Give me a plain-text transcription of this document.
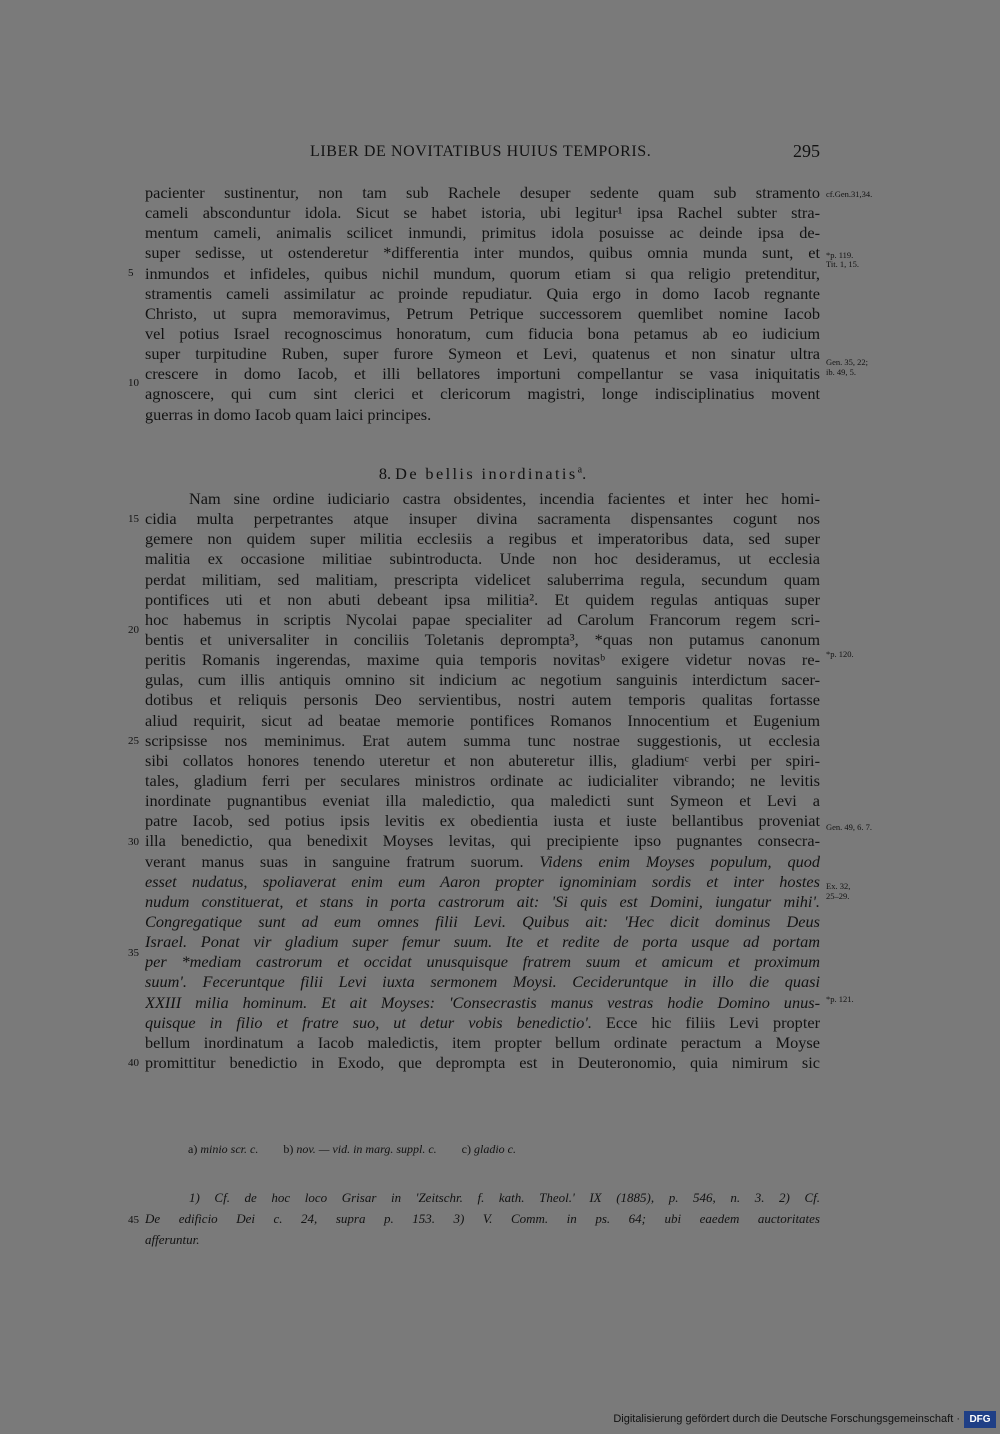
LIBER DE NOVITATIBUS HUIUS TEMPORIS.	295
pacienter sustinentur, non tam sub Rachele desuper sedente quam sub stramento
cameli absconduntur idola. Sicut se habet istoria, ubi legitur¹ ipsa Rachel subter stra-
mentum cameli, animalis scilicet inmundi, primitus idola posuisse ac deinde ipsa de-
super sedisse, ut ostenderetur *differentia inter mundos, quibus omnia munda sunt, et
inmundos et infideles, quibus nichil mundum, quorum etiam si qua religio pretenditur,
stramentis cameli assimilatur ac proinde repudiatur. Quia ergo in domo Iacob regnante
Christo, ut supra memoravimus, Petrum Petrique successorem quemlibet nomine Iacob
vel potius Israel recognoscimus honoratum, cum fiducia bona petamus ab eo iudicium
super turpitudine Ruben, super furore Symeon et Levi, quatenus et non sinatur ultra
crescere in domo Iacob, et illi bellatores importuni compellantur se vasa iniquitatis
agnoscere, qui cum sint clerici et clericorum magistri, longe indisciplinatius movent
guerras in domo Iacob quam laici principes.
8. De bellis inordinatis$^a$.
Nam sine ordine iudiciario castra obsidentes, incendia facientes et inter hec homi-
cidia multa perpetrantes atque insuper divina sacramenta dispensantes cogunt nos
gemere non quidem super militia ecclesiis a regibus et imperatoribus data, sed super
malitia ex occasione militiae subintroducta. Unde non hoc desideramus, ut ecclesia
perdat militiam, sed malitiam, prescripta videlicet saluberrima regula, secundum quam
pontifices uti et non abuti debeant ipsa militia². Et quidem regulas antiquas super
hoc habemus in scriptis Nycolai papae specialiter ad Carolum Francorum regem scri-
bentis et universaliter in conciliis Toletanis deprompta³, *quas non putamus canonum
peritis Romanis ingerendas, maxime quia temporis novitasᵇ exigere videtur novas re-
gulas, cum illis antiquis omnino sit indicium ac negotium sanguinis interdictum sacer-
dotibus et reliquis personis Deo servientibus, nostri autem temporis qualitas fortasse
aliud requirit, sicut ad beatae memorie pontifices Romanos Innocentium et Eugenium
scripsisse nos meminimus. Erat autem summa tunc nostrae suggestionis, ut ecclesia
sibi collatos honores tenendo uteretur et non abuteretur illis, gladiumᶜ verbi per spiri-
tales, gladium ferri per seculares ministros ordinate ac iudicialiter vibrando; ne levitis
inordinate pugnantibus eveniat illa maledictio, qua maledicti sunt Symeon et Levi a
patre Iacob, sed potius ipsis levitis ex obedientia iusta et iuste bellantibus proveniat
illa benedictio, qua benedixit Moyses levitas, qui precipiente ipso pugnantes consecra-
verant manus suas in sanguine fratrum suorum. Videns enim Moyses populum, quod
esset nudatus, spoliaverat enim eum Aaron propter ignominiam sordis et inter hostes
nudum constituerat, et stans in porta castrorum ait: 'Si quis est Domini, iungatur mihi'.
Congregatique sunt ad eum omnes filii Levi. Quibus ait: 'Hec dicit dominus Deus
Israel. Ponat vir gladium super femur suum. Ite et redite de porta usque ad portam
per *mediam castrorum et occidat unusquisque fratrem suum et amicum et proximum
suum'. Feceruntque filii Levi iuxta sermonem Moysi. Cecideruntque in illo die quasi
XXIII milia hominum. Et ait Moyses: 'Consecrastis manus vestras hodie Domino unus-
quisque in filio et fratre suo, ut detur vobis benedictio'. Ecce hic filiis Levi propter
bellum inordinatum a Iacob maledictis, item propter bellum ordinate peractum a Moyse
promittitur benedictio in Exodo, que deprompta est in Deuteronomio, quia nimirum sic
5
10
15
20
25
30
35
40
45
cf.Gen.31,34.
*p. 119.
Tit. 1, 15.
Gen. 35, 22;
ib. 49, 5.
*p. 120.
Gen. 49, 6. 7.
Ex. 32,
25–29.
*p. 121.
a) minio scr. c. b) nov. — vid. in marg. suppl. c. c) gladio c.
1) Cf. de hoc loco Grisar in 'Zeitschr. f. kath. Theol.' IX (1885), p. 546, n. 3. 2) Cf.
De edificio Dei c. 24, supra p. 153. 3) V. Comm. in ps. 64; ubi eaedem auctoritates
afferuntur.
Digitalisierung gefördert durch die Deutsche Forschungsgemeinschaft · DFG
